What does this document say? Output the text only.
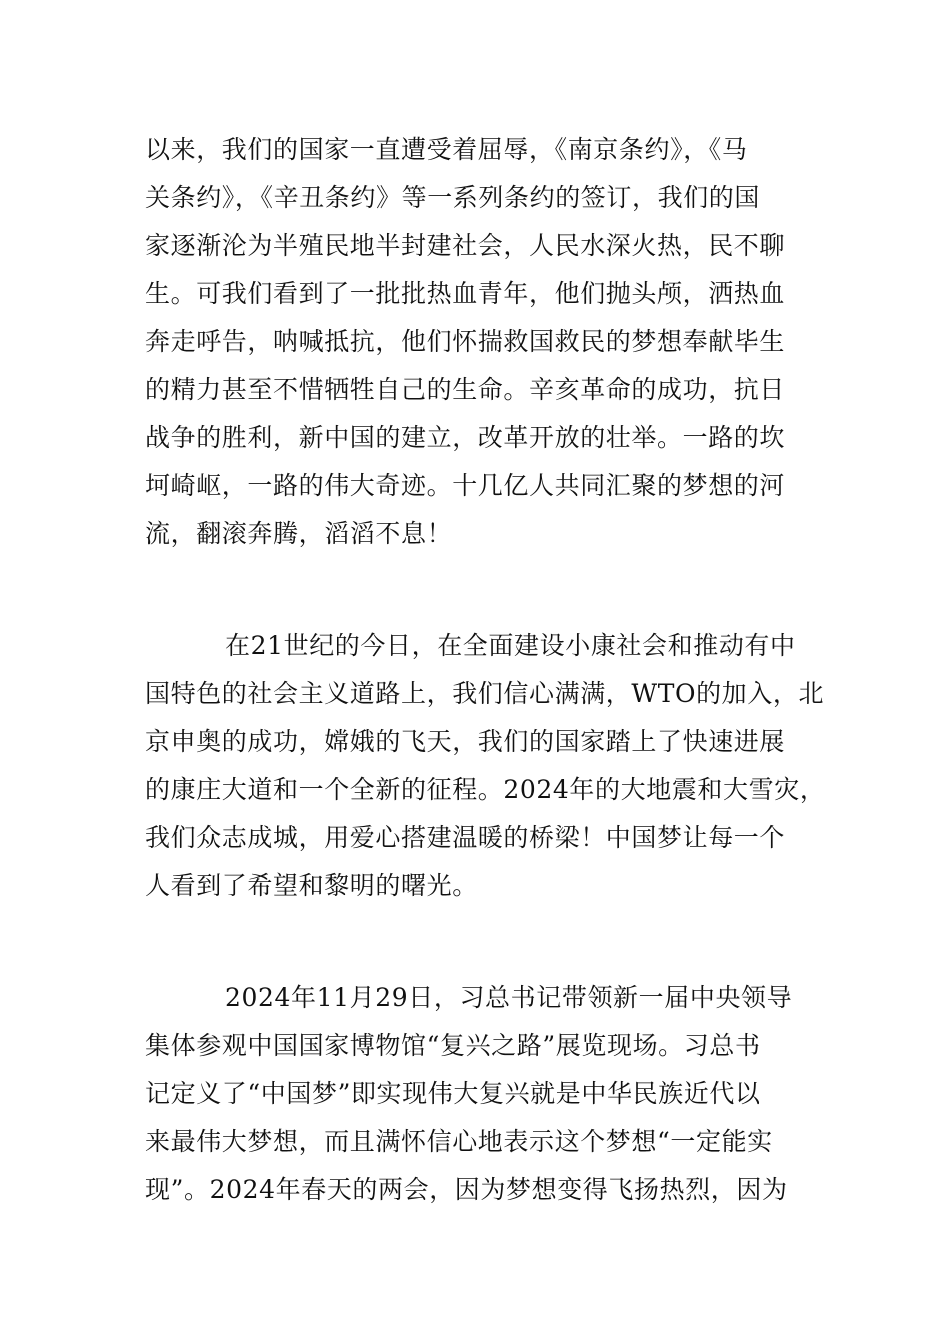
以来，我们的国家一直遭受着屈辱，《南京条约》，《马
关条约》，《辛丑条约》等一系列条约的签订，我们的国
家逐渐沦为半殖民地半封建社会，人民水深火热，民不聊
生。可我们看到了一批批热血青年，他们抛头颅，洒热血
奔走呼告，呐喊抵抗，他们怀揣救国救民的梦想奉献毕生
的精力甚至不惜牺牲自己的生命。辛亥革命的成功，抗日
战争的胜利，新中国的建立，改革开放的壮举。一路的坎
坷崎岖，一路的伟大奇迹。十几亿人共同汇聚的梦想的河
流，翻滚奔腾，滔滔不息！
在21世纪的今日，在全面建设小康社会和推动有中
国特色的社会主义道路上，我们信心满满，WTO的加入，北
京申奥的成功，嫦娥的飞天，我们的国家踏上了快速进展
的康庄大道和一个全新的征程。2024年的大地震和大雪灾，
我们众志成城，用爱心搭建温暖的桥梁！中国梦让每一个
人看到了希望和黎明的曙光。
2024年11月29日，习总书记带领新一届中央领导
集体参观中国国家博物馆“复兴之路”展览现场。习总书
记定义了“中国梦”即实现伟大复兴就是中华民族近代以
来最伟大梦想，而且满怀信心地表示这个梦想“一定能实
现”。2024年春天的两会，因为梦想变得飞扬热烈，因为
